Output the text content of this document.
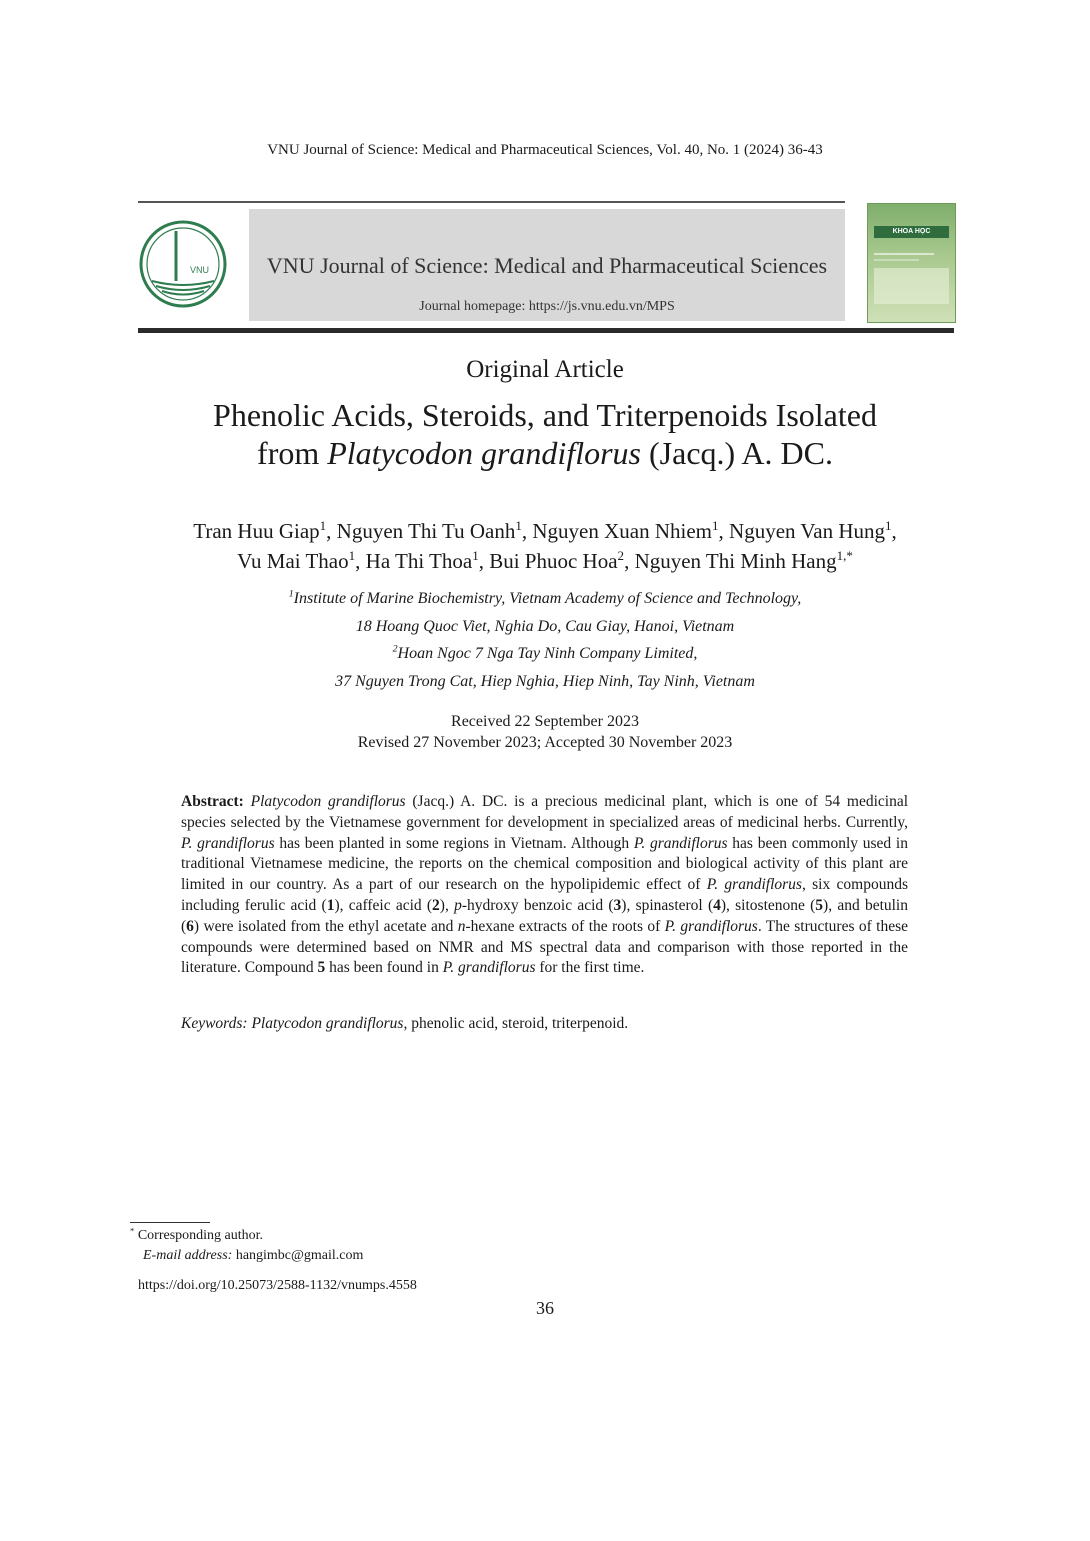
VNU Journal of Science: Medical and Pharmaceutical Sciences, Vol. 40, No. 1 (2024) 36-43
VNU	VNU Journal of Science: Medical and Pharmaceutical Sciences
Journal homepage: https://js.vnu.edu.vn/MPS
KHOA HỌC
Original Article
Phenolic Acids, Steroids, and Triterpenoids Isolated
from Platycodon grandiflorus (Jacq.) A. DC.
Tran Huu Giap$^1$, Nguyen Thi Tu Oanh$^1$, Nguyen Xuan Nhiem$^1$, Nguyen Van Hung$^1$,
Vu Mai Thao$^1$, Ha Thi Thoa$^1$, Bui Phuoc Hoa$^2$, Nguyen Thi Minh Hang$^{1,*}$
$^1$Institute of Marine Biochemistry, Vietnam Academy of Science and Technology,
18 Hoang Quoc Viet, Nghia Do, Cau Giay, Hanoi, Vietnam
$^2$Hoan Ngoc 7 Nga Tay Ninh Company Limited,
37 Nguyen Trong Cat, Hiep Nghia, Hiep Ninh, Tay Ninh, Vietnam
Received 22 September 2023
Revised 27 November 2023; Accepted 30 November 2023
Abstract: Platycodon grandiflorus (Jacq.) A. DC. is a precious medicinal plant, which is one of 54 medicinal species selected by the Vietnamese government for development in specialized areas of medicinal herbs. Currently, P. grandiflorus has been planted in some regions in Vietnam. Although P. grandiflorus has been commonly used in traditional Vietnamese medicine, the reports on the chemical composition and biological activity of this plant are limited in our country. As a part of our research on the hypolipidemic effect of P. grandiflorus, six compounds including ferulic acid (1), caffeic acid (2), p-hydroxy benzoic acid (3), spinasterol (4), sitostenone (5), and betulin (6) were isolated from the ethyl acetate and n-hexane extracts of the roots of P. grandiflorus. The structures of these compounds were determined based on NMR and MS spectral data and comparison with those reported in the literature. Compound 5 has been found in P. grandiflorus for the first time.
Keywords: Platycodon grandiflorus, phenolic acid, steroid, triterpenoid.
* Corresponding author.
E-mail address: hangimbc@gmail.com
https://doi.org/10.25073/2588-1132/vnumps.4558
36
